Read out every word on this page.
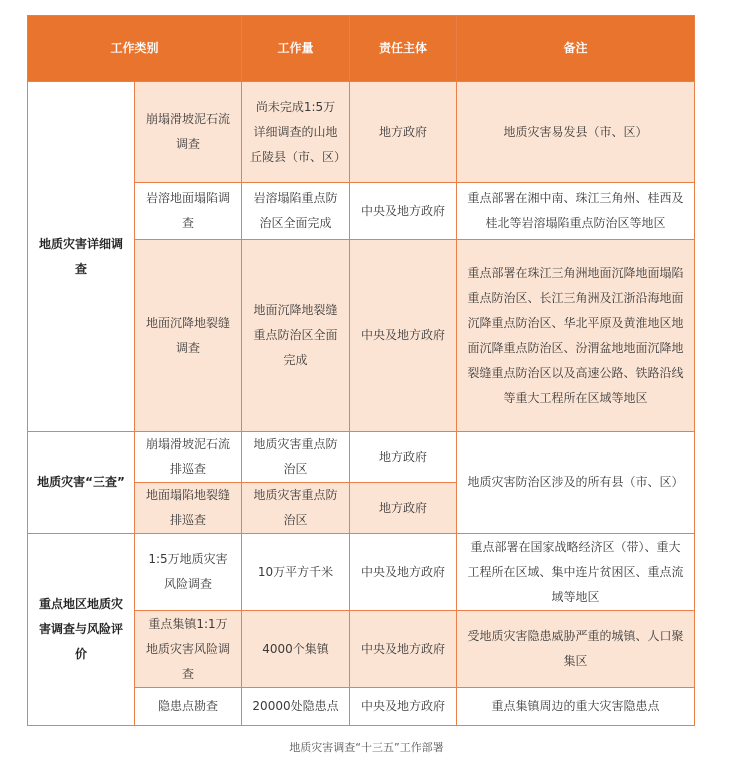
工作类别		工作量	责任主体	备注
地质灾害详细调查	崩塌滑坡泥石流调查	尚未完成1:5万详细调查的山地丘陵县（市、区）	地方政府	地质灾害易发县（市、区）
	岩溶地面塌陷调查	岩溶塌陷重点防治区全面完成	中央及地方政府	重点部署在湘中南、珠江三角州、桂西及桂北等岩溶塌陷重点防治区等地区
	地面沉降地裂缝调查	地面沉降地裂缝重点防治区全面完成	中央及地方政府	重点部署在珠江三角洲地面沉降地面塌陷重点防治区、长江三角洲及江浙沿海地面沉降重点防治区、华北平原及黄淮地区地面沉降重点防治区、汾渭盆地地面沉降地裂缝重点防治区以及高速公路、铁路沿线等重大工程所在区域等地区
地质灾害“三查”	崩塌滑坡泥石流排巡查	地质灾害重点防治区	地方政府	地质灾害防治区涉及的所有县（市、区）
	地面塌陷地裂缝排巡查	地质灾害重点防治区	地方政府	
重点地区地质灾害调查与风险评价	1:5万地质灾害风险调查	10万平方千米	中央及地方政府	重点部署在国家战略经济区（带）、重大工程所在区域、集中连片贫困区、重点流域等地区
	重点集镇1:1万地质灾害风险调查	4000个集镇	中央及地方政府	受地质灾害隐患威胁严重的城镇、人口聚集区
	隐患点勘查	20000处隐患点	中央及地方政府	重点集镇周边的重大灾害隐患点
地质灾害调查“十三五”工作部署
